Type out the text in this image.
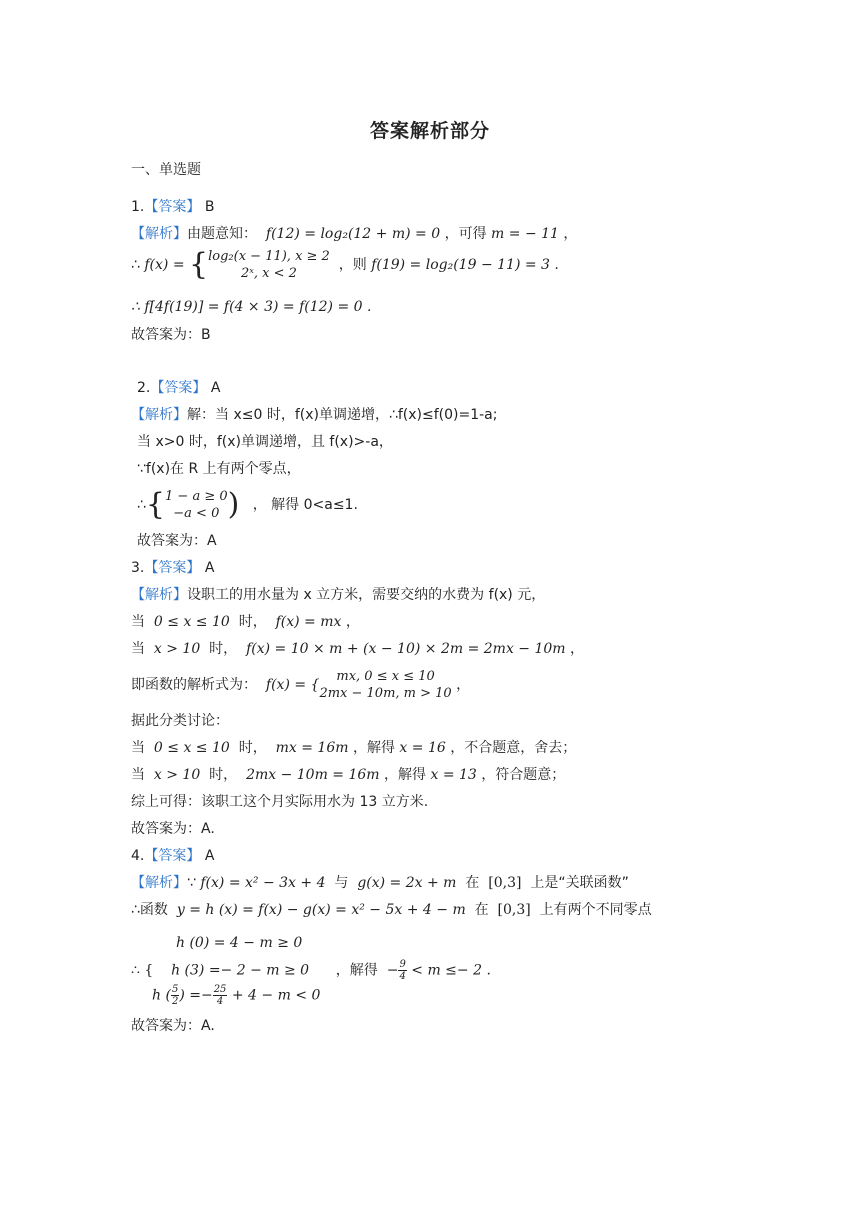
答案解析部分
一、单选题
1.【答案】 B
【解析】由题意知： f(12) = log₂(12 + m) = 0 ，可得 m = − 11 ，
∴ f(x) = { log₂(x − 11), x ≥ 2
2ˣ, x < 2
，则 f(19) = log₂(19 − 11) = 3 .
∴ f[4f(19)] = f(4 × 3) = f(12) = 0 .
故答案为：B
2.【答案】 A
【解析】解：当 x≤0 时，f(x)单调递增，∴f(x)≤f(0)=1-a;
当 x>0 时，f(x)单调递增，且 f(x)>-a，
∵f(x)在 R 上有两个零点，
∴{ 1 − a ≥ 0
−a < 0 ) ， 解得 0<a≤1.
故答案为：A
3.【答案】 A
【解析】设职工的用水量为 x 立方米，需要交纳的水费为 f(x) 元，
当 0 ≤ x ≤ 10 时， f(x) = mx ，
当 x > 10 时， f(x) = 10 × m + (x − 10) × 2m = 2mx − 10m ，
即函数的解析式为： f(x) = {
mx, 0 ≤ x ≤ 10
2mx − 10m, m > 10
，
据此分类讨论：
当 0 ≤ x ≤ 10 时， mx = 16m ，解得 x = 16 ，不合题意，舍去；
当 x > 10 时， 2mx − 10m = 16m ，解得 x = 13 ，符合题意；
综上可得：该职工这个月实际用水为 13 立方米.
故答案为：A.
4.【答案】 A
【解析】∵ f(x) = x² − 3x + 4 与 g(x) = 2x + m 在 [0,3] 上是“关联函数”
∴函数 y = ℎ (x) = f(x) − g(x) = x² − 5x + 4 − m 在 [0,3] 上有两个不同零点
ℎ (0) = 4 − m ≥ 0
∴ { ℎ (3) =− 2 − m ≥ 0 ，解得 − $\frac{9}{4} < m \le- 2$ .
ℎ ( $\frac{5}{2}$ ) =− $\frac{25}{4} + 4 - m < 0$
故答案为：A.
